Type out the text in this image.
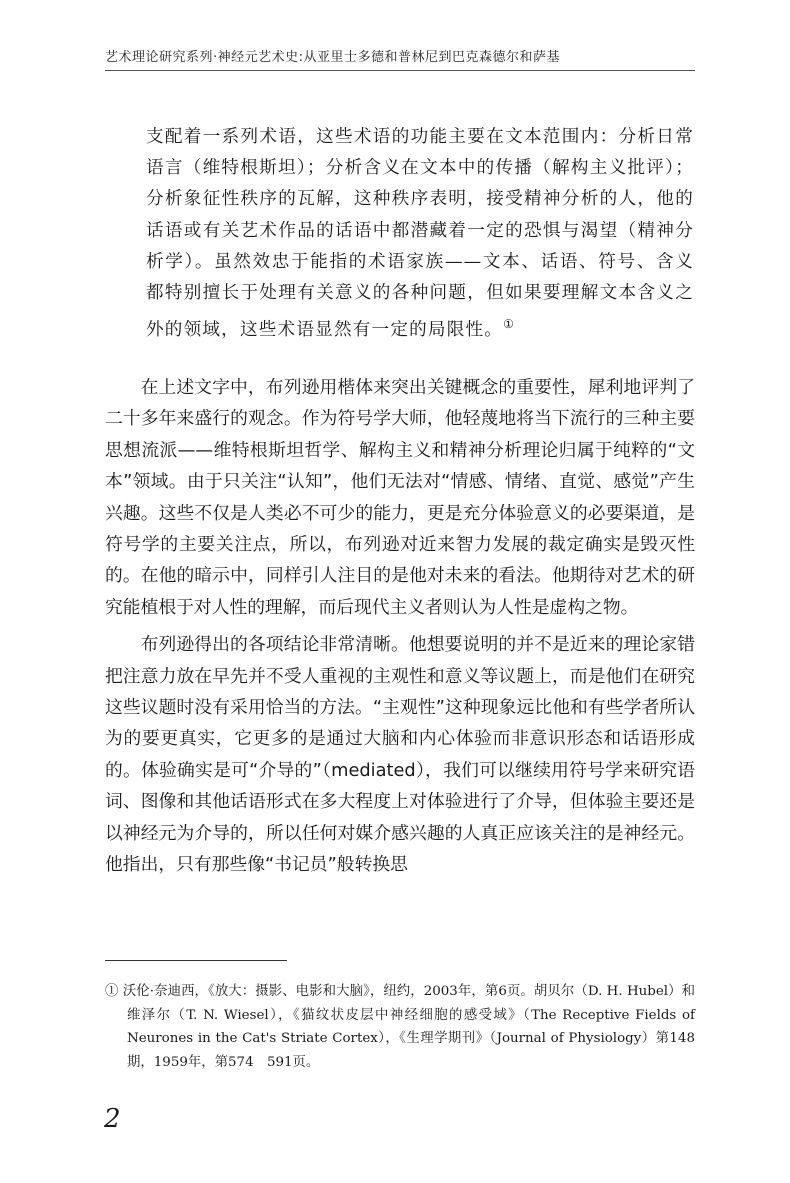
艺术理论研究系列·神经元艺术史:从亚里士多德和普林尼到巴克森德尔和萨基
支配着一系列术语，这些术语的功能主要在文本范围内：分析日常语言（维特根斯坦）；分析含义在文本中的传播（解构主义批评）；分析象征性秩序的瓦解，这种秩序表明，接受精神分析的人，他的话语或有关艺术作品的话语中都潜藏着一定的恐惧与渴望（精神分析学）。虽然效忠于能指的术语家族——文本、话语、符号、含义都特别擅长于处理有关意义的各种问题，但如果要理解文本含义之外的领域，这些术语显然有一定的局限性。①

在上述文字中，布列逊用楷体来突出关键概念的重要性，犀利地评判了二十多年来盛行的观念。作为符号学大师，他轻蔑地将当下流行的三种主要思想流派——维特根斯坦哲学、解构主义和精神分析理论归属于纯粹的“文本”领域。由于只关注“认知”，他们无法对“情感、情绪、直觉、感觉”产生兴趣。这些不仅是人类必不可少的能力，更是充分体验意义的必要渠道，是符号学的主要关注点，所以，布列逊对近来智力发展的裁定确实是毁灭性的。在他的暗示中，同样引人注目的是他对未来的看法。他期待对艺术的研究能植根于对人性的理解，而后现代主义者则认为人性是虚构之物。

布列逊得出的各项结论非常清晰。他想要说明的并不是近来的理论家错把注意力放在早先并不受人重视的主观性和意义等议题上，而是他们在研究这些议题时没有采用恰当的方法。“主观性”这种现象远比他和有些学者所认为的要更真实，它更多的是通过大脑和内心体验而非意识形态和话语形成的。体验确实是可“介导的”（mediated），我们可以继续用符号学来研究语词、图像和其他话语形式在多大程度上对体验进行了介导，但体验主要还是以神经元为介导的，所以任何对媒介感兴趣的人真正应该关注的是神经元。他指出，只有那些像“书记员”般转换思

① 沃伦·奈迪西，《放大：摄影、电影和大脑》，纽约，2003年，第6页。胡贝尔（D. H. Hubel）和维泽尔（T. N. Wiesel），《猫纹状皮层中神经细胞的感受域》（The Receptive Fields of Neurones in the Cat's Striate Cortex），《生理学期刊》（Journal of Physiology）第148期，1959年，第574　591页。
2
